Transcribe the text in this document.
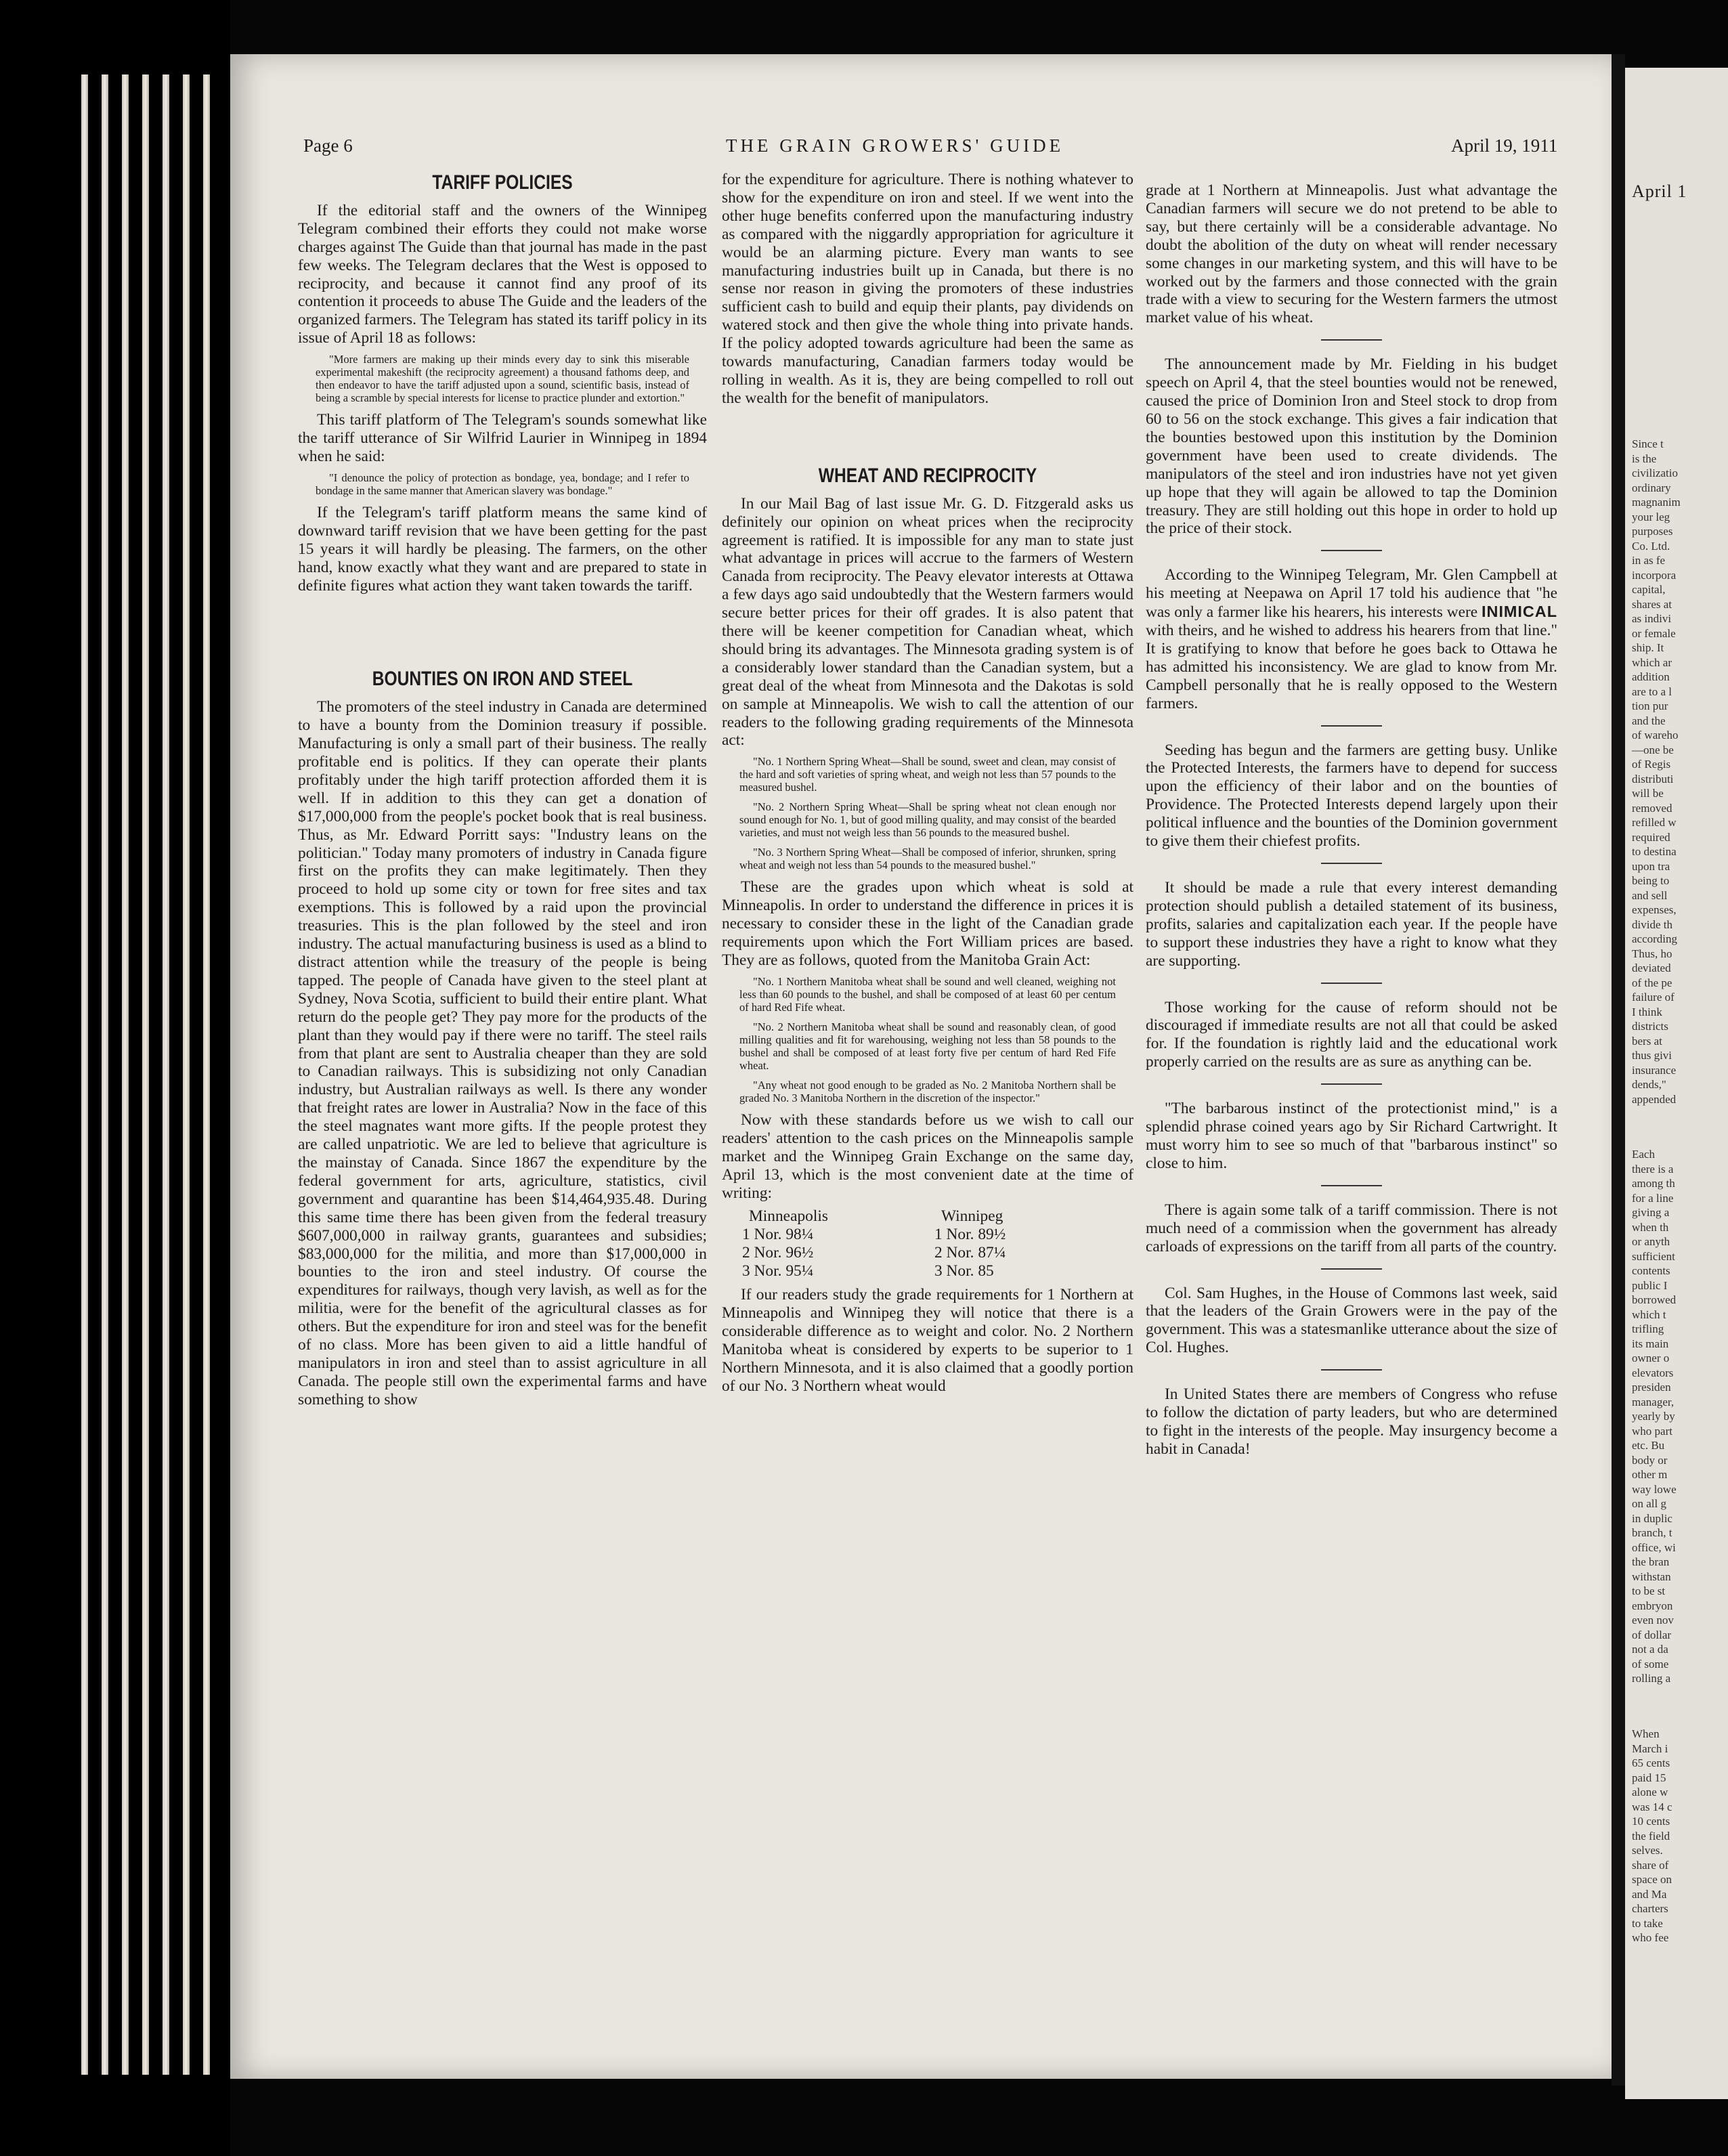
Page 6	THE GRAIN GROWERS' GUIDE	April 19, 1911
TARIFF POLICIES

If the editorial staff and the owners of the Winnipeg Telegram combined their efforts they could not make worse charges against The Guide than that journal has made in the past few weeks. The Telegram declares that the West is opposed to reciprocity, and because it cannot find any proof of its contention it proceeds to abuse The Guide and the leaders of the organized farmers. The Telegram has stated its tariff policy in its issue of April 18 as follows:

"More farmers are making up their minds every day to sink this miserable experimental makeshift (the reciprocity agreement) a thousand fathoms deep, and then endeavor to have the tariff adjusted upon a sound, scientific basis, instead of being a scramble by special interests for license to practice plunder and extortion."

This tariff platform of The Telegram's sounds somewhat like the tariff utterance of Sir Wilfrid Laurier in Winnipeg in 1894 when he said:

"I denounce the policy of protection as bondage, yea, bondage; and I refer to bondage in the same manner that American slavery was bondage."

If the Telegram's tariff platform means the same kind of downward tariff revision that we have been getting for the past 15 years it will hardly be pleasing. The farmers, on the other hand, know exactly what they want and are prepared to state in definite figures what action they want taken towards the tariff.

BOUNTIES ON IRON AND STEEL

The promoters of the steel industry in Canada are determined to have a bounty from the Dominion treasury if possible. Manufacturing is only a small part of their business. The really profitable end is politics. If they can operate their plants profitably under the high tariff protection afforded them it is well. If in addition to this they can get a donation of $17,000,000 from the people's pocket book that is real business. Thus, as Mr. Edward Porritt says: "Industry leans on the politician." Today many promoters of industry in Canada figure first on the profits they can make legitimately. Then they proceed to hold up some city or town for free sites and tax exemptions. This is followed by a raid upon the provincial treasuries. This is the plan followed by the steel and iron industry. The actual manufacturing business is used as a blind to distract attention while the treasury of the people is being tapped. The people of Canada have given to the steel plant at Sydney, Nova Scotia, sufficient to build their entire plant. What return do the people get? They pay more for the products of the plant than they would pay if there were no tariff. The steel rails from that plant are sent to Australia cheaper than they are sold to Canadian railways. This is subsidizing not only Canadian industry, but Australian railways as well. Is there any wonder that freight rates are lower in Australia? Now in the face of this the steel magnates want more gifts. If the people protest they are called unpatriotic. We are led to believe that agriculture is the mainstay of Canada. Since 1867 the expenditure by the federal government for arts, agriculture, statistics, civil government and quarantine has been $14,464,935.48. During this same time there has been given from the federal treasury $607,000,000 in railway grants, guarantees and subsidies; $83,000,000 for the militia, and more than $17,000,000 in bounties to the iron and steel industry. Of course the expenditures for railways, though very lavish, as well as for the militia, were for the benefit of the agricultural classes as for others. But the expenditure for iron and steel was for the benefit of no class. More has been given to aid a little handful of manipulators in iron and steel than to assist agriculture in all Canada. The people still own the experimental farms and have something to show

for the expenditure for agriculture. There is nothing whatever to show for the expenditure on iron and steel. If we went into the other huge benefits conferred upon the manufacturing industry as compared with the niggardly appropriation for agriculture it would be an alarming picture. Every man wants to see manufacturing industries built up in Canada, but there is no sense nor reason in giving the promoters of these industries sufficient cash to build and equip their plants, pay dividends on watered stock and then give the whole thing into private hands. If the policy adopted towards agriculture had been the same as towards manufacturing, Canadian farmers today would be rolling in wealth. As it is, they are being compelled to roll out the wealth for the benefit of manipulators.

WHEAT AND RECIPROCITY

In our Mail Bag of last issue Mr. G. D. Fitzgerald asks us definitely our opinion on wheat prices when the reciprocity agreement is ratified. It is impossible for any man to state just what advantage in prices will accrue to the farmers of Western Canada from reciprocity. The Peavy elevator interests at Ottawa a few days ago said undoubtedly that the Western farmers would secure better prices for their off grades. It is also patent that there will be keener competition for Canadian wheat, which should bring its advantages. The Minnesota grading system is of a considerably lower standard than the Canadian system, but a great deal of the wheat from Minnesota and the Dakotas is sold on sample at Minneapolis. We wish to call the attention of our readers to the following grading requirements of the Minnesota act:

"No. 1 Northern Spring Wheat—Shall be sound, sweet and clean, may consist of the hard and soft varieties of spring wheat, and weigh not less than 57 pounds to the measured bushel.

"No. 2 Northern Spring Wheat—Shall be spring wheat not clean enough nor sound enough for No. 1, but of good milling quality, and may consist of the bearded varieties, and must not weigh less than 56 pounds to the measured bushel.

"No. 3 Northern Spring Wheat—Shall be composed of inferior, shrunken, spring wheat and weigh not less than 54 pounds to the measured bushel."

These are the grades upon which wheat is sold at Minneapolis. In order to understand the difference in prices it is necessary to consider these in the light of the Canadian grade requirements upon which the Fort William prices are based. They are as follows, quoted from the Manitoba Grain Act:

"No. 1 Northern Manitoba wheat shall be sound and well cleaned, weighing not less than 60 pounds to the bushel, and shall be composed of at least 60 per centum of hard Red Fife wheat.

"No. 2 Northern Manitoba wheat shall be sound and reasonably clean, of good milling qualities and fit for warehousing, weighing not less than 58 pounds to the bushel and shall be composed of at least forty five per centum of hard Red Fife wheat.

"Any wheat not good enough to be graded as No. 2 Manitoba Northern shall be graded No. 3 Manitoba Northern in the discretion of the inspector."

Now with these standards before us we wish to call our readers' attention to the cash prices on the Minneapolis sample market and the Winnipeg Grain Exchange on the same day, April 13, which is the most convenient date at the time of writing:

Minneapolis	Winnipeg
1 Nor. 98¼	1 Nor. 89½
2 Nor. 96½	2 Nor. 87¼
3 Nor. 95¼	3 Nor. 85

If our readers study the grade requirements for 1 Northern at Minneapolis and Winnipeg they will notice that there is a considerable difference as to weight and color. No. 2 Northern Manitoba wheat is considered by experts to be superior to 1 Northern Minnesota, and it is also claimed that a goodly portion of our No. 3 Northern wheat would

grade at 1 Northern at Minneapolis. Just what advantage the Canadian farmers will secure we do not pretend to be able to say, but there certainly will be a considerable advantage. No doubt the abolition of the duty on wheat will render necessary some changes in our marketing system, and this will have to be worked out by the farmers and those connected with the grain trade with a view to securing for the Western farmers the utmost market value of his wheat.

The announcement made by Mr. Fielding in his budget speech on April 4, that the steel bounties would not be renewed, caused the price of Dominion Iron and Steel stock to drop from 60 to 56 on the stock exchange. This gives a fair indication that the bounties bestowed upon this institution by the Dominion government have been used to create dividends. The manipulators of the steel and iron industries have not yet given up hope that they will again be allowed to tap the Dominion treasury. They are still holding out this hope in order to hold up the price of their stock.

According to the Winnipeg Telegram, Mr. Glen Campbell at his meeting at Neepawa on April 17 told his audience that "he was only a farmer like his hearers, his interests were INIMICAL with theirs, and he wished to address his hearers from that line." It is gratifying to know that before he goes back to Ottawa he has admitted his inconsistency. We are glad to know from Mr. Campbell personally that he is really opposed to the Western farmers.

Seeding has begun and the farmers are getting busy. Unlike the Protected Interests, the farmers have to depend for success upon the efficiency of their labor and on the bounties of Providence. The Protected Interests depend largely upon their political influence and the bounties of the Dominion government to give them their chiefest profits.

It should be made a rule that every interest demanding protection should publish a detailed statement of its business, profits, salaries and capitalization each year. If the people have to support these industries they have a right to know what they are supporting.

Those working for the cause of reform should not be discouraged if immediate results are not all that could be asked for. If the foundation is rightly laid and the educational work properly carried on the results are as sure as anything can be.

"The barbarous instinct of the protectionist mind," is a splendid phrase coined years ago by Sir Richard Cartwright. It must worry him to see so much of that "barbarous instinct" so close to him.

There is again some talk of a tariff commission. There is not much need of a commission when the government has already carloads of expressions on the tariff from all parts of the country.

Col. Sam Hughes, in the House of Commons last week, said that the leaders of the Grain Growers were in the pay of the government. This was a statesmanlike utterance about the size of Col. Hughes.

In United States there are members of Congress who refuse to follow the dictation of party leaders, but who are determined to fight in the interests of the people. May insurgency become a habit in Canada!

April 1
Since t
is the
civilizatio
ordinary
magnanim
your leg
purposes
Co. Ltd.
in as fe
incorpora
capital,
shares at
as indivi
or female
ship. It
which ar
addition
are to a l
tion pur
and the
of wareho
—one be
of Regis
distributi
will be
removed
refilled w
required
to destina
upon tra
being to
and sell
expenses,
divide th
according
Thus, ho
deviated
of the pe
failure of
I think
districts
bers at
thus givi
insurance
dends,"
appended
Each
there is a
among th
for a line
giving a
when th
or anyth
sufficient
contents
public I
borrowed
which t
trifling
its main
owner o
elevators
presiden
manager,
yearly by
who part
etc. Bu
body or
other m
way lowe
on all g
in duplic
branch, t
office, wi
the bran
withstan
to be st
embryon
even nov
of dollar
not a da
of some
rolling a
When
March i
65 cents
paid 15
alone w
was 14 c
10 cents
the field
selves.
share of
space on
and Ma
charters
to take
who fee
